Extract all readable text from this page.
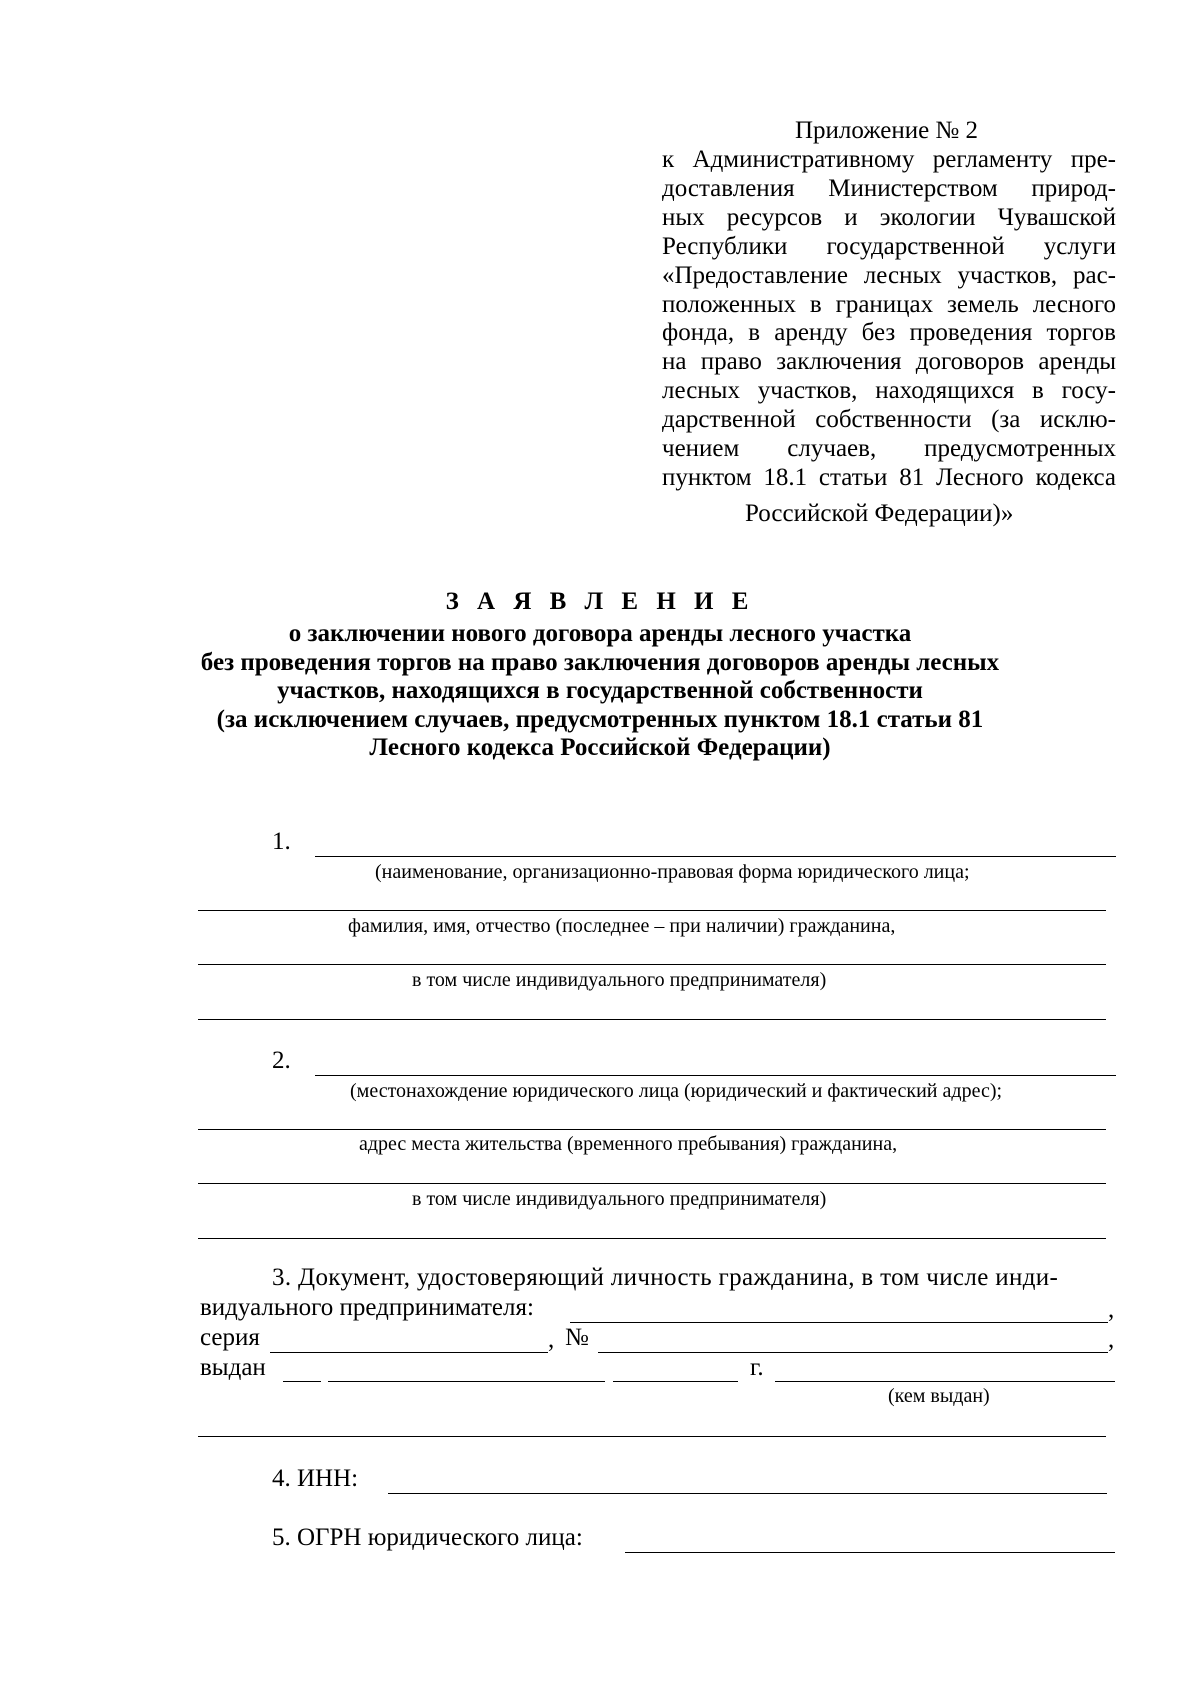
Приложение № 2
к Административному регламенту пре-
доставления Министерством природ-
ных ресурсов и экологии Чувашской
Республики государственной услуги
«Предоставление лесных участков, рас-
положенных в границах земель лесного
фонда, в аренду без проведения торгов
на право заключения договоров аренды
лесных участков, находящихся в госу-
дарственной собственности (за исклю-
чением случаев, предусмотренных
пунктом 18.1 статьи 81 Лесного кодекса
Российской Федерации)»
З А Я В Л Е Н И Е
о заключении нового договора аренды лесного участка
без проведения торгов на право заключения договоров аренды лесных
участков, находящихся в государственной собственности
(за исключением случаев, предусмотренных пунктом 18.1 статьи 81
Лесного кодекса Российской Федерации)
1.
(наименование, организационно-правовая форма юридического лица;
фамилия, имя, отчество (последнее – при наличии) гражданина,
в том числе индивидуального предпринимателя)
2.
(местонахождение юридического лица (юридический и фактический адрес);
адрес места жительства (временного пребывания) гражданина,
в том числе индивидуального предпринимателя)
3. Документ, удостоверяющий личность гражданина, в том числе инди-
видуального предпринимателя:	,
серия	, №	,
выдан	г.
(кем выдан)
4. ИНН:
5. ОГРН юридического лица:
